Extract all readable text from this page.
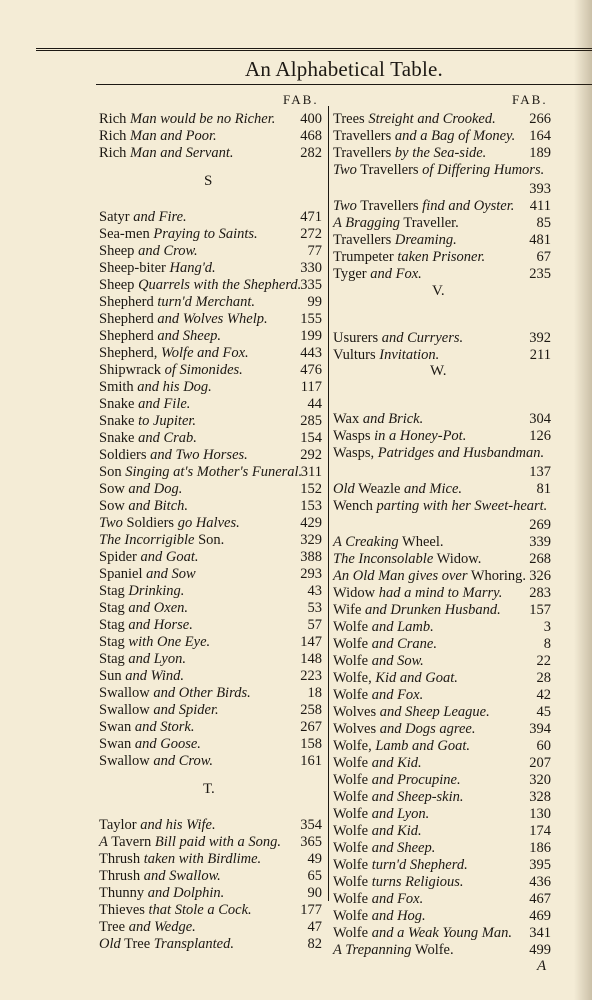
An Alphabetical Table.
FAB.	FAB.
Rich Man would be no Richer. 400
Rich Man and Poor.	468
Rich Man and Servant.	282
Satyr and Fire.	471
Sea-men Praying to Saints.	272
Sheep and Crow.	77
Sheep-biter Hang'd.	330
Sheep Quarrels with the Shepherd.
335
Shepherd turn'd Merchant.	99
Shepherd and Wolves Whelp. 155
Shepherd and Sheep.	199
Shepherd, Wolfe and Fox.	443
Shipwrack of Simonides.	476
Smith and his Dog.	117
Snake and File.	44
Snake to Jupiter.	285
Snake and Crab.	154
Soldiers and Two Horses.	292
Son Singing at's Mother's Funeral.
311
Sow and Dog.	152
Sow and Bitch.	153
Two Soldiers go Halves.	429
The Incorrigible Son.	329
Spider and Goat.	388
Spaniel and Sow	293
Stag Drinking.	43
Stag and Oxen.	53
Stag and Horse.	57
Stag with One Eye.	147
Stag and Lyon.	148
Sun and Wind.	223
Swallow and Other Birds.	18
Swallow and Spider.	258
Swan and Stork.	267
Swan and Goose.	158
Swallow and Crow.	161
Taylor and his Wife.	354
A Tavern Bill paid with a Song. 365
Thrush taken with Birdlime.	49
Thrush and Swallow.	65
Thunny and Dolphin.	90
Thieves that Stole a Cock.	177
Tree and Wedge.	47
Old Tree Transplanted.	82
Trees Streight and Crooked. 266
Travellers and a Bag of Money. 164
Travellers by the Sea-side.	189
Two Travellers of Differing Humors.
393
Two Travellers find and Oyster. 411
A Bragging Traveller.	85
Travellers Dreaming.	481
Trumpeter taken Prisoner.	67
Tyger and Fox.	235
Usurers and Curryers.	392
Vulturs Invitation.	211
Wax and Brick.	304
Wasps in a Honey-Pot.	126
Wasps, Patridges and Husbandman.
137
Old Weazle and Mice.	81
Wench parting with her Sweet-heart.
269
A Creaking Wheel.	339
The Inconsolable Widow.	268
An Old Man gives over Whoring. 326
Widow had a mind to Marry. 283
Wife and Drunken Husband. 157
Wolfe and Lamb.	3
Wolfe and Crane.	8
Wolfe and Sow.	22
Wolfe, Kid and Goat.	28
Wolfe and Fox.	42
Wolves and Sheep League.	45
Wolves and Dogs agree.	394
Wolfe, Lamb and Goat.	60
Wolfe and Kid.	207
Wolfe and Procupine.	320
Wolfe and Sheep-skin.	328
Wolfe and Lyon.	130
Wolfe and Kid.	174
Wolfe and Sheep.	186
Wolfe turn'd Shepherd.	395
Wolfe turns Religious.	436
Wolfe and Fox.	467
Wolfe and Hog.	469
Wolfe and a Weak Young Man. 341
A Trepanning Wolfe.	499
S
T.
V.
W.
A
